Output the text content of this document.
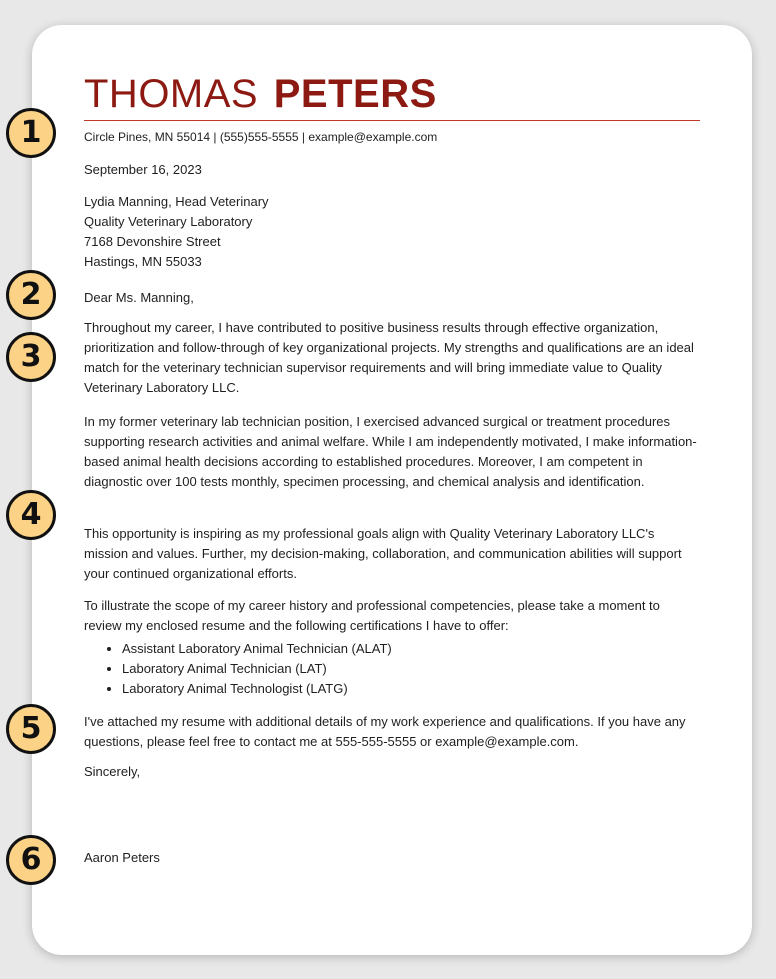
THOMAS PETERS
Circle Pines, MN 55014 | (555)555-5555 | example@example.com
September 16, 2023
Lydia Manning, Head Veterinary
Quality Veterinary Laboratory
7168 Devonshire Street
Hastings, MN 55033
Dear Ms. Manning,

Throughout my career, I have contributed to positive business results through effective organization, prioritization and follow-through of key organizational projects. My strengths and qualifications are an ideal match for the veterinary technician supervisor requirements and will bring immediate value to Quality Veterinary Laboratory LLC.

In my former veterinary lab technician position, I exercised advanced surgical or treatment procedures supporting research activities and animal welfare. While I am independently motivated, I make information-based animal health decisions according to established procedures. Moreover, I am competent in diagnostic over 100 tests monthly, specimen processing, and chemical analysis and identification.

This opportunity is inspiring as my professional goals align with Quality Veterinary Laboratory LLC's mission and values. Further, my decision-making, collaboration, and communication abilities will support your continued organizational efforts.

To illustrate the scope of my career history and professional competencies, please take a moment to review my enclosed resume and the following certifications I have to offer:

• Assistant Laboratory Animal Technician (ALAT)
• Laboratory Animal Technician (LAT)
• Laboratory Animal Technologist (LATG)

I've attached my resume with additional details of my work experience and qualifications. If you have any questions, please feel free to contact me at 555-555-5555 or example@example.com.

Sincerely,
Aaron Peters
1
2
3
4
5
6
